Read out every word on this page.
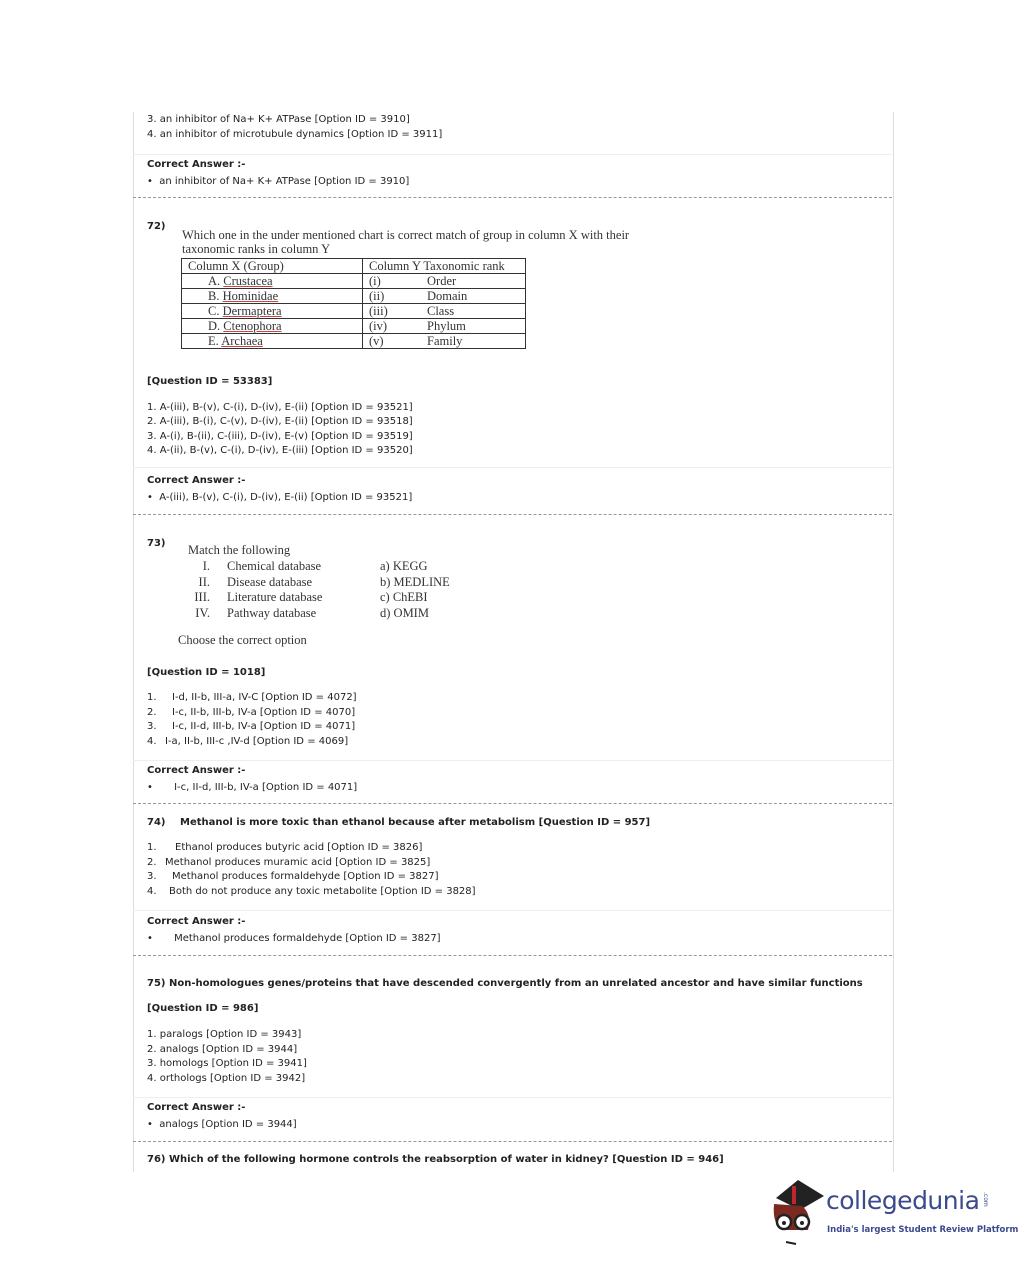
3. an inhibitor of Na+ K+ ATPase [Option ID = 3910]
4. an inhibitor of microtubule dynamics [Option ID = 3911]
Correct Answer :-
•  an inhibitor of Na+ K+ ATPase [Option ID = 3910]
72)
Which one in the under mentioned chart is correct match of group in column X with their
taxonomic ranks in column Y
Column X (Group)	Column Y Taxonomic rank
A. Crustacea	(i) Order
B. Hominidae	(ii) Domain
C. Dermaptera	(iii) Class
D. Ctenophora	(iv) Phylum
E. Archaea	(v) Family
[Question ID = 53383]
1. A-(iii), B-(v), C-(i), D-(iv), E-(ii) [Option ID = 93521]
2. A-(iii), B-(i), C-(v), D-(iv), E-(ii) [Option ID = 93518]
3. A-(i), B-(ii), C-(iii), D-(iv), E-(v) [Option ID = 93519]
4. A-(ii), B-(v), C-(i), D-(iv), E-(iii) [Option ID = 93520]
Correct Answer :-
•  A-(iii), B-(v), C-(i), D-(iv), E-(ii) [Option ID = 93521]
73) Match the following
I. Chemical database	a) KEGG
II. Disease database	b) MEDLINE
III. Literature database	c) ChEBI
IV. Pathway database	d) OMIM
Choose the correct option
[Question ID = 1018]
1. I-d, II-b, III-a, IV-C [Option ID = 4072]
2. I-c, II-b, III-b, IV-a [Option ID = 4070]
3. I-c, II-d, III-b, IV-a [Option ID = 4071]
4. I-a, II-b, III-c ,IV-d [Option ID = 4069]
Correct Answer :-
• I-c, II-d, III-b, IV-a [Option ID = 4071]
74) Methanol is more toxic than ethanol because after metabolism [Question ID = 957]
1. Ethanol produces butyric acid [Option ID = 3826]
2. Methanol produces muramic acid [Option ID = 3825]
3. Methanol produces formaldehyde [Option ID = 3827]
4. Both do not produce any toxic metabolite [Option ID = 3828]
Correct Answer :-
• Methanol produces formaldehyde [Option ID = 3827]
75) Non-homologues genes/proteins that have descended convergently from an unrelated ancestor and have similar functions
[Question ID = 986]
1. paralogs [Option ID = 3943]
2. analogs [Option ID = 3944]
3. homologs [Option ID = 3941]
4. orthologs [Option ID = 3942]
Correct Answer :-
•  analogs [Option ID = 3944]
76) Which of the following hormone controls the reabsorption of water in kidney? [Question ID = 946]
collegedunia .com
India's largest Student Review Platform
